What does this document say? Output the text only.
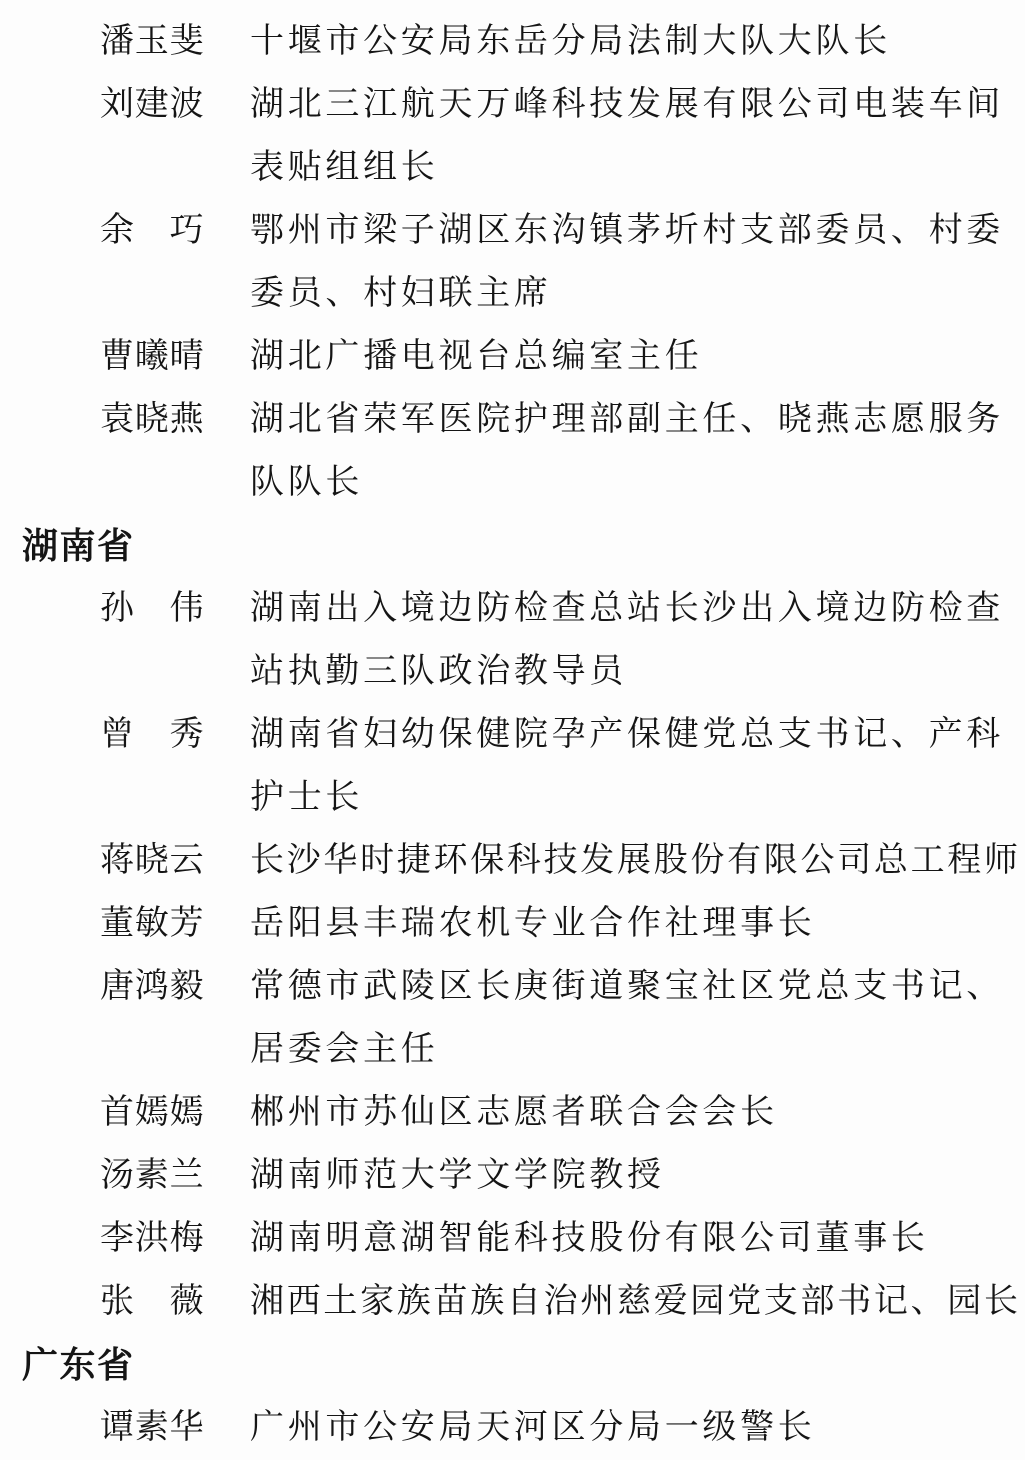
潘玉斐 十堰市公安局东岳分局法制大队大队长
刘建波 湖北三江航天万峰科技发展有限公司电装车间
表贴组组长
余　巧 鄂州市梁子湖区东沟镇茅圻村支部委员、村委
委员、村妇联主席
曹曦晴 湖北广播电视台总编室主任
袁晓燕 湖北省荣军医院护理部副主任、晓燕志愿服务
队队长
湖南省
孙　伟 湖南出入境边防检查总站长沙出入境边防检查
站执勤三队政治教导员
曾　秀 湖南省妇幼保健院孕产保健党总支书记、产科
护士长
蒋晓云 长沙华时捷环保科技发展股份有限公司总工程师
董敏芳 岳阳县丰瑞农机专业合作社理事长
唐鸿毅 常德市武陵区长庚街道聚宝社区党总支书记、
居委会主任
首嫣嫣 郴州市苏仙区志愿者联合会会长
汤素兰 湖南师范大学文学院教授
李洪梅 湖南明意湖智能科技股份有限公司董事长
张　薇 湘西土家族苗族自治州慈爱园党支部书记、园长
广东省
谭素华 广州市公安局天河区分局一级警长
